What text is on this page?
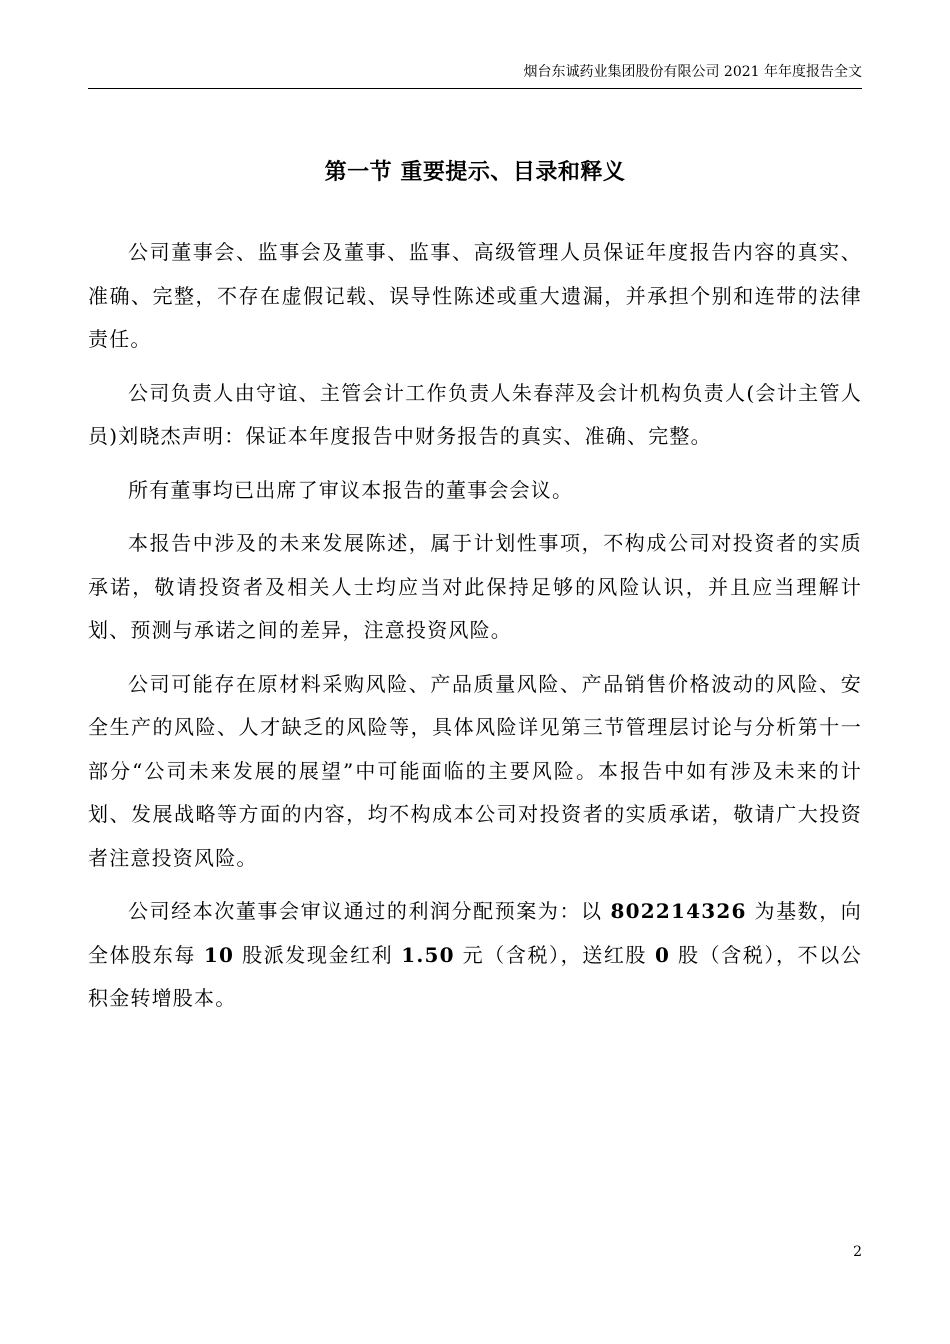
烟台东诚药业集团股份有限公司 2021 年年度报告全文
第一节 重要提示、目录和释义

公司董事会、监事会及董事、监事、高级管理人员保证年度报告内容的真实、准确、完整，不存在虚假记载、误导性陈述或重大遗漏，并承担个别和连带的法律责任。

公司负责人由守谊、主管会计工作负责人朱春萍及会计机构负责人(会计主管人员)刘晓杰声明：保证本年度报告中财务报告的真实、准确、完整。

所有董事均已出席了审议本报告的董事会会议。

本报告中涉及的未来发展陈述，属于计划性事项，不构成公司对投资者的实质承诺，敬请投资者及相关人士均应当对此保持足够的风险认识，并且应当理解计划、预测与承诺之间的差异，注意投资风险。

公司可能存在原材料采购风险、产品质量风险、产品销售价格波动的风险、安全生产的风险、人才缺乏的风险等，具体风险详见第三节管理层讨论与分析第十一部分“公司未来发展的展望”中可能面临的主要风险。本报告中如有涉及未来的计划、发展战略等方面的内容，均不构成本公司对投资者的实质承诺，敬请广大投资者注意投资风险。

公司经本次董事会审议通过的利润分配预案为：以 802214326 为基数，向全体股东每 10 股派发现金红利 1.50 元（含税），送红股 0 股（含税），不以公积金转增股本。

2
